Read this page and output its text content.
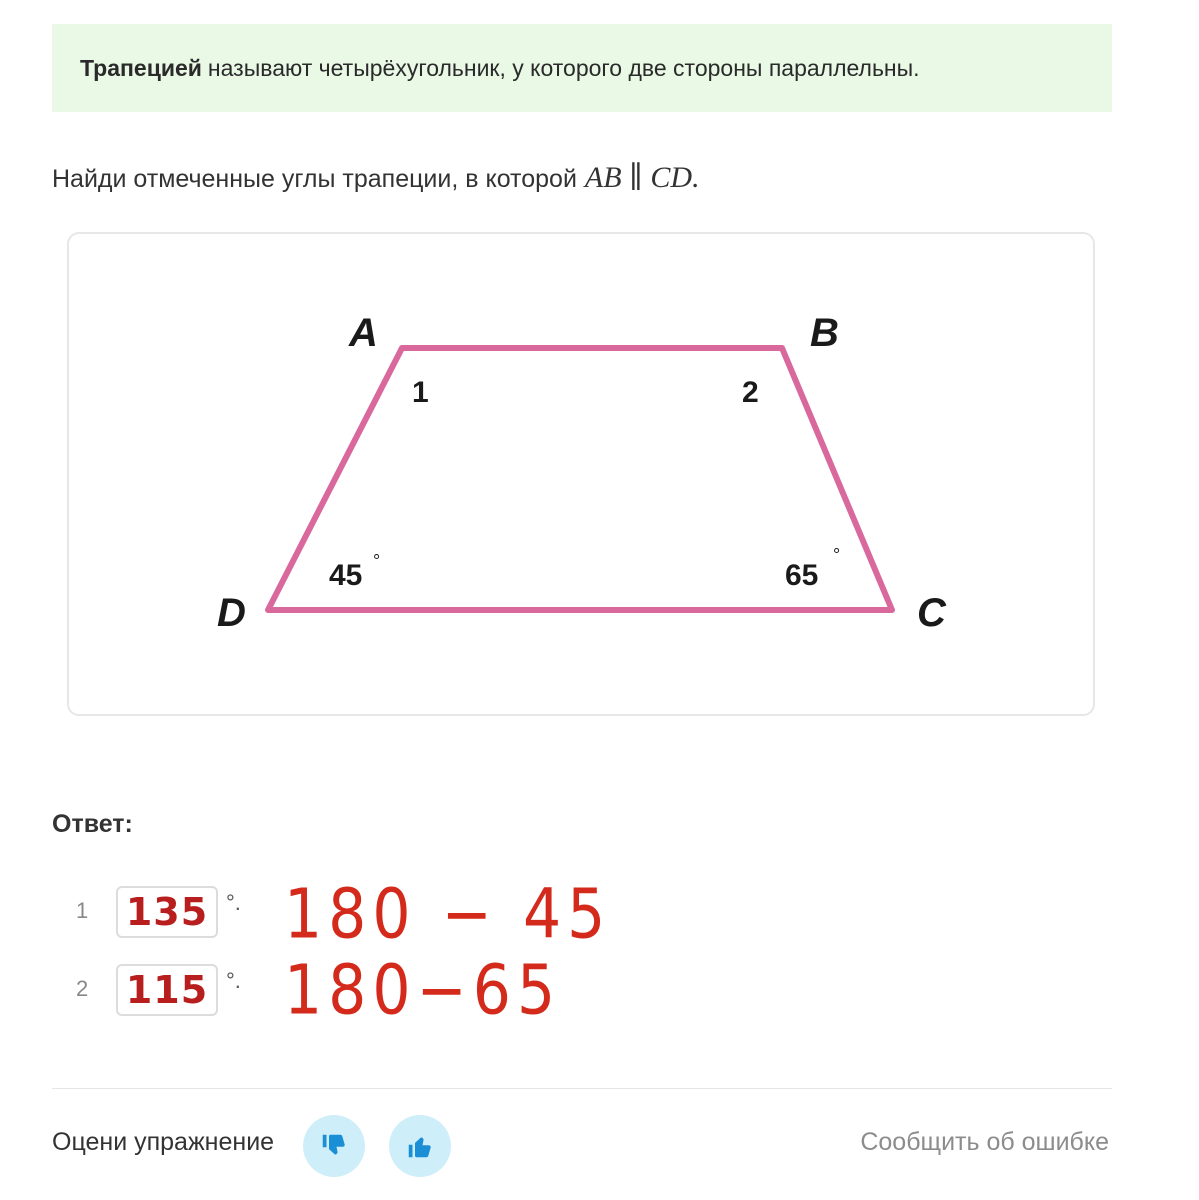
Трапецией называют четырёхугольник, у которого две стороны параллельны.
Найди отмеченные углы трапеции, в которой AB ∥ CD.
A	B
C
D
1	2
45 °	65
°
Ответ:
1 135 °. 180 − 45
2 115 °. 180−65
Оцени упражнение	Сообщить об ошибке
